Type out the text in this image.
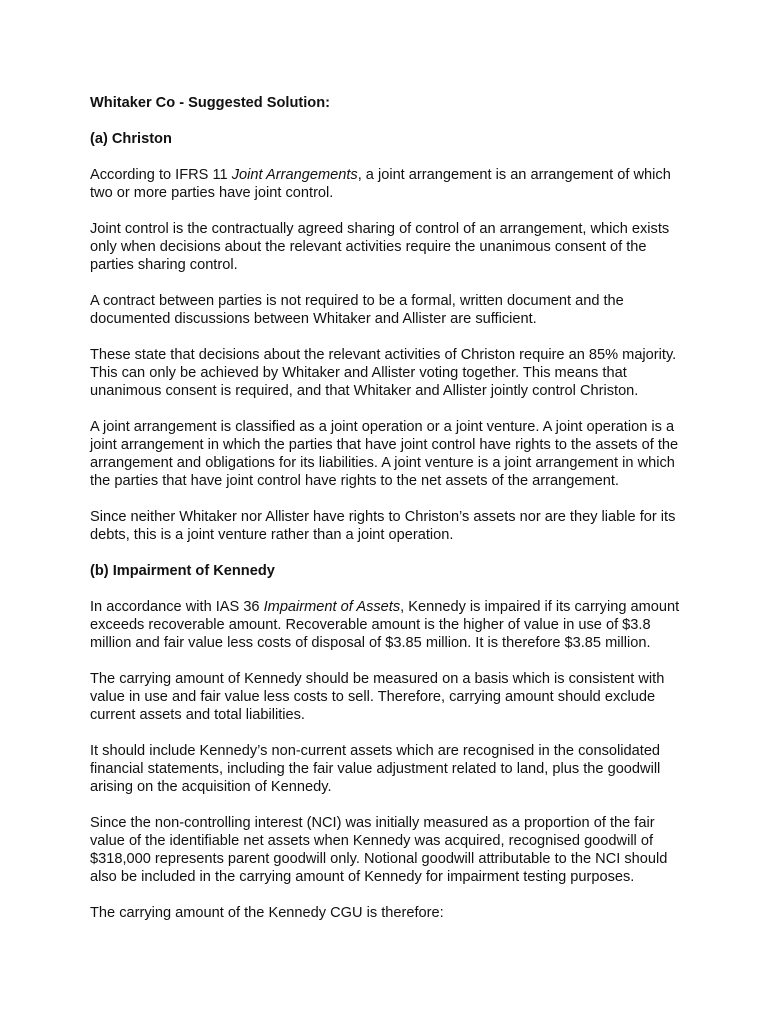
Whitaker Co - Suggested Solution:
(a) Christon

According to IFRS 11 Joint Arrangements, a joint arrangement is an arrangement of which two or more parties have joint control.

Joint control is the contractually agreed sharing of control of an arrangement, which exists only when decisions about the relevant activities require the unanimous consent of the parties sharing control.

A contract between parties is not required to be a formal, written document and the documented discussions between Whitaker and Allister are sufficient.

These state that decisions about the relevant activities of Christon require an 85% majority. This can only be achieved by Whitaker and Allister voting together. This means that unanimous consent is required, and that Whitaker and Allister jointly control Christon.

A joint arrangement is classified as a joint operation or a joint venture. A joint operation is a joint arrangement in which the parties that have joint control have rights to the assets of the arrangement and obligations for its liabilities. A joint venture is a joint arrangement in which the parties that have joint control have rights to the net assets of the arrangement.

Since neither Whitaker nor Allister have rights to Christon’s assets nor are they liable for its debts, this is a joint venture rather than a joint operation.

(b) Impairment of Kennedy

In accordance with IAS 36 Impairment of Assets, Kennedy is impaired if its carrying amount exceeds recoverable amount. Recoverable amount is the higher of value in use of $3.8 million and fair value less costs of disposal of $3.85 million. It is therefore $3.85 million.

The carrying amount of Kennedy should be measured on a basis which is consistent with value in use and fair value less costs to sell. Therefore, carrying amount should exclude current assets and total liabilities.

It should include Kennedy’s non-current assets which are recognised in the consolidated financial statements, including the fair value adjustment related to land, plus the goodwill arising on the acquisition of Kennedy.

Since the non-controlling interest (NCI) was initially measured as a proportion of the fair value of the identifiable net assets when Kennedy was acquired, recognised goodwill of $318,000 represents parent goodwill only. Notional goodwill attributable to the NCI should also be included in the carrying amount of Kennedy for impairment testing purposes.

The carrying amount of the Kennedy CGU is therefore:
